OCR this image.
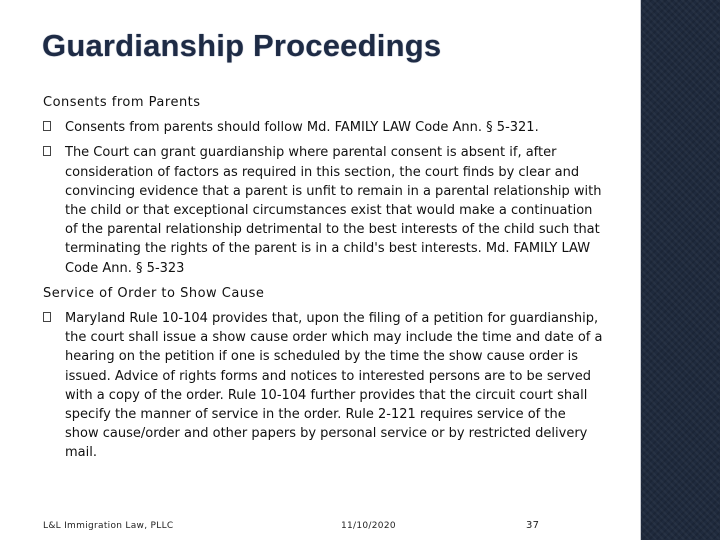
Guardianship Proceedings
Consents from Parents
Consents from parents should follow Md. FAMILY LAW Code Ann. § 5-321.
The Court can grant guardianship where parental consent is absent if, after consideration of factors as required in this section, the court finds by clear and convincing evidence that a parent is unfit to remain in a parental relationship with the child or that exceptional circumstances exist that would make a continuation of the parental relationship detrimental to the best interests of the child such that terminating the rights of the parent is in a child's best interests. Md. FAMILY LAW Code Ann. § 5-323
Service of Order to Show Cause
Maryland Rule 10-104 provides that, upon the filing of a petition for guardianship, the court shall issue a show cause order which may include the time and date of a hearing on the petition if one is scheduled by the time the show cause order is issued. Advice of rights forms and notices to interested persons are to be served with a copy of the order. Rule 10-104 further provides that the circuit court shall specify the manner of service in the order. Rule 2-121 requires service of the show cause/order and other papers by personal service or by restricted delivery mail.
L&L Immigration Law, PLLC	11/10/2020	37
